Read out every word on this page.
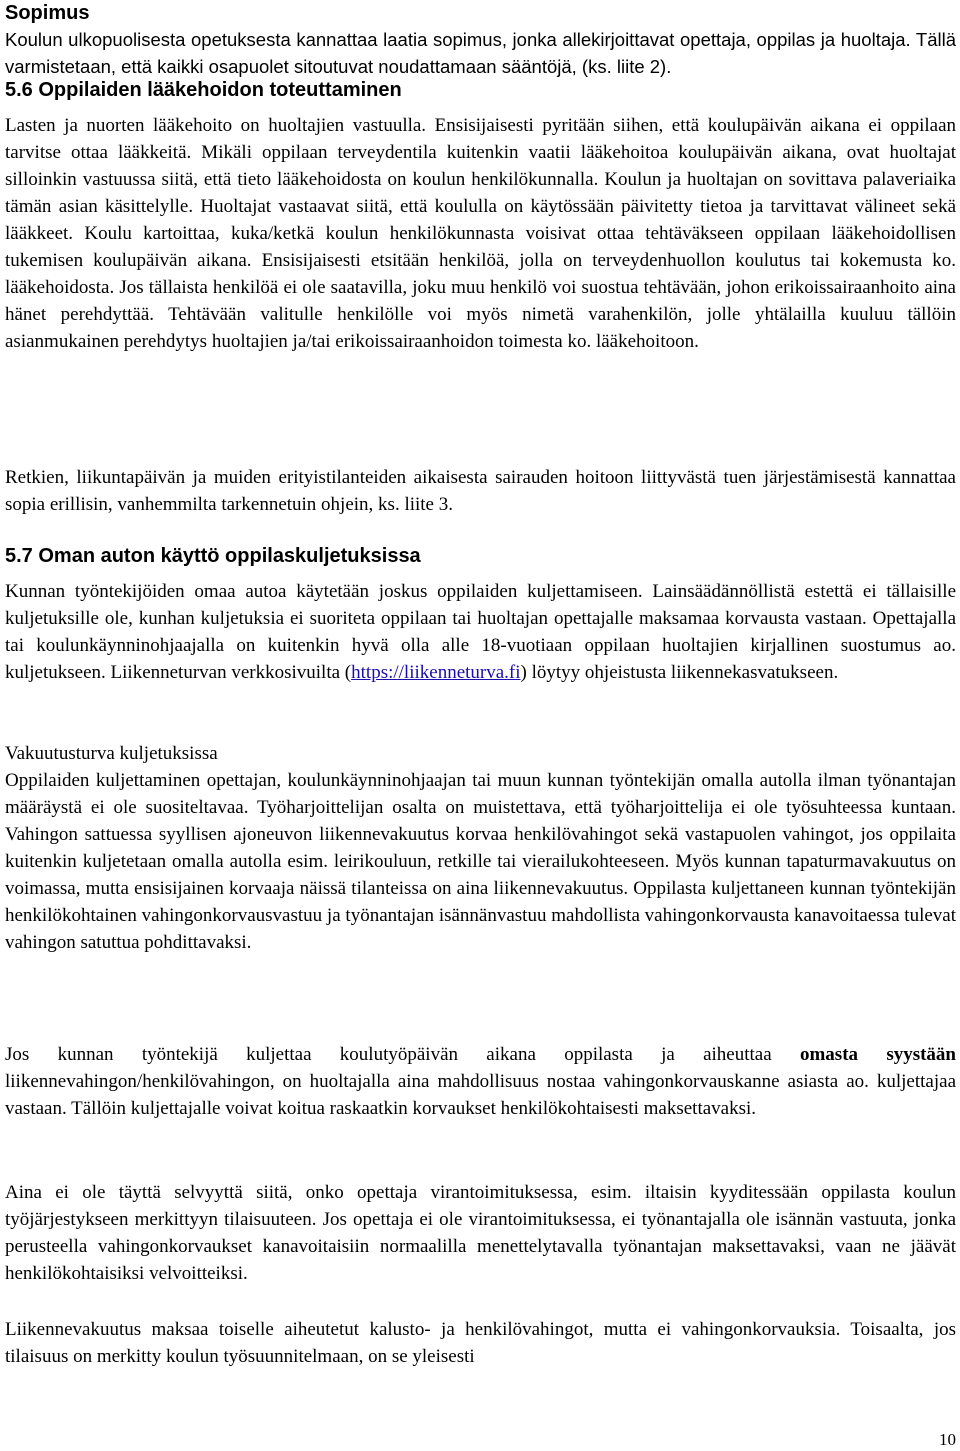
Sopimus

Koulun ulkopuolisesta opetuksesta kannattaa laatia sopimus, jonka allekirjoittavat opettaja, oppilas ja huoltaja. Tällä varmistetaan, että kaikki osapuolet sitoutuvat noudattamaan sääntöjä, (ks. liite 2).

5.6 Oppilaiden lääkehoidon toteuttaminen

Lasten ja nuorten lääkehoito on huoltajien vastuulla. Ensisijaisesti pyritään siihen, että koulupäivän aikana ei oppilaan tarvitse ottaa lääkkeitä. Mikäli oppilaan terveydentila kuitenkin vaatii lääkehoitoa koulupäivän aikana, ovat huoltajat silloinkin vastuussa siitä, että tieto lääkehoidosta on koulun henkilökunnalla. Koulun ja huoltajan on sovittava palaveriaika tämän asian käsittelylle. Huoltajat vastaavat siitä, että koululla on käytössään päivitetty tietoa ja tarvittavat välineet sekä lääkkeet. Koulu kartoittaa, kuka/ketkä koulun henkilökunnasta voisivat ottaa tehtäväkseen oppilaan lääkehoidollisen tukemisen koulupäivän aikana. Ensisijaisesti etsitään henkilöä, jolla on terveydenhuollon koulutus tai kokemusta ko. lääkehoidosta. Jos tällaista henkilöä ei ole saatavilla, joku muu henkilö voi suostua tehtävään, johon erikoissairaanhoito aina hänet perehdyttää. Tehtävään valitulle henkilölle voi myös nimetä varahenkilön, jolle yhtälailla kuuluu tällöin asianmukainen perehdytys huoltajien ja/tai erikoissairaanhoidon toimesta ko. lääkehoitoon.

Retkien, liikuntapäivän ja muiden erityistilanteiden aikaisesta sairauden hoitoon liittyvästä tuen järjestämisestä kannattaa sopia erillisin, vanhemmilta tarkennetuin ohjein, ks. liite 3.

5.7 Oman auton käyttö oppilaskuljetuksissa

Kunnan työntekijöiden omaa autoa käytetään joskus oppilaiden kuljettamiseen. Lainsäädännöllistä estettä ei tällaisille kuljetuksille ole, kunhan kuljetuksia ei suoriteta oppilaan tai huoltajan opettajalle maksamaa korvausta vastaan. Opettajalla tai koulunkäynninohjaajalla on kuitenkin hyvä olla alle 18-vuotiaan oppilaan huoltajien kirjallinen suostumus ao. kuljetukseen. Liikenneturvan verkkosivuilta (https://liikenneturva.fi) löytyy ohjeistusta liikennekasvatukseen.

Vakuutusturva kuljetuksissa

Oppilaiden kuljettaminen opettajan, koulunkäynninohjaajan tai muun kunnan työntekijän omalla autolla ilman työnantajan määräystä ei ole suositeltavaa. Työharjoittelijan osalta on muistettava, että työharjoittelija ei ole työsuhteessa kuntaan. Vahingon sattuessa syyllisen ajoneuvon liikennevakuutus korvaa henkilövahingot sekä vastapuolen vahingot, jos oppilaita kuitenkin kuljetetaan omalla autolla esim. leirikouluun, retkille tai vierailukohteeseen. Myös kunnan tapaturmavakuutus on voimassa, mutta ensisijainen korvaaja näissä tilanteissa on aina liikennevakuutus. Oppilasta kuljettaneen kunnan työntekijän henkilökohtainen vahingonkorvausvastuu ja työnantajan isännänvastuu mahdollista vahingonkorvausta kanavoitaessa tulevat vahingon satuttua pohdittavaksi.

Jos kunnan työntekijä kuljettaa koulutyöpäivän aikana oppilasta ja aiheuttaa omasta syystään liikennevahingon/henkilövahingon, on huoltajalla aina mahdollisuus nostaa vahingonkorvauskanne asiasta ao. kuljettajaa vastaan. Tällöin kuljettajalle voivat koitua raskaatkin korvaukset henkilökohtaisesti maksettavaksi.

Aina ei ole täyttä selvyyttä siitä, onko opettaja virantoimituksessa, esim. iltaisin kyyditessään oppilasta koulun työjärjestykseen merkittyyn tilaisuuteen. Jos opettaja ei ole virantoimituksessa, ei työnantajalla ole isännän vastuuta, jonka perusteella vahingonkorvaukset kanavoitaisiin normaalilla menettelytavalla työnantajan maksettavaksi, vaan ne jäävät henkilökohtaisiksi velvoitteiksi.

Liikennevakuutus maksaa toiselle aiheutetut kalusto- ja henkilövahingot, mutta ei vahingonkorvauksia. Toisaalta, jos tilaisuus on merkitty koulun työsuunnitelmaan, on se yleisesti

10
